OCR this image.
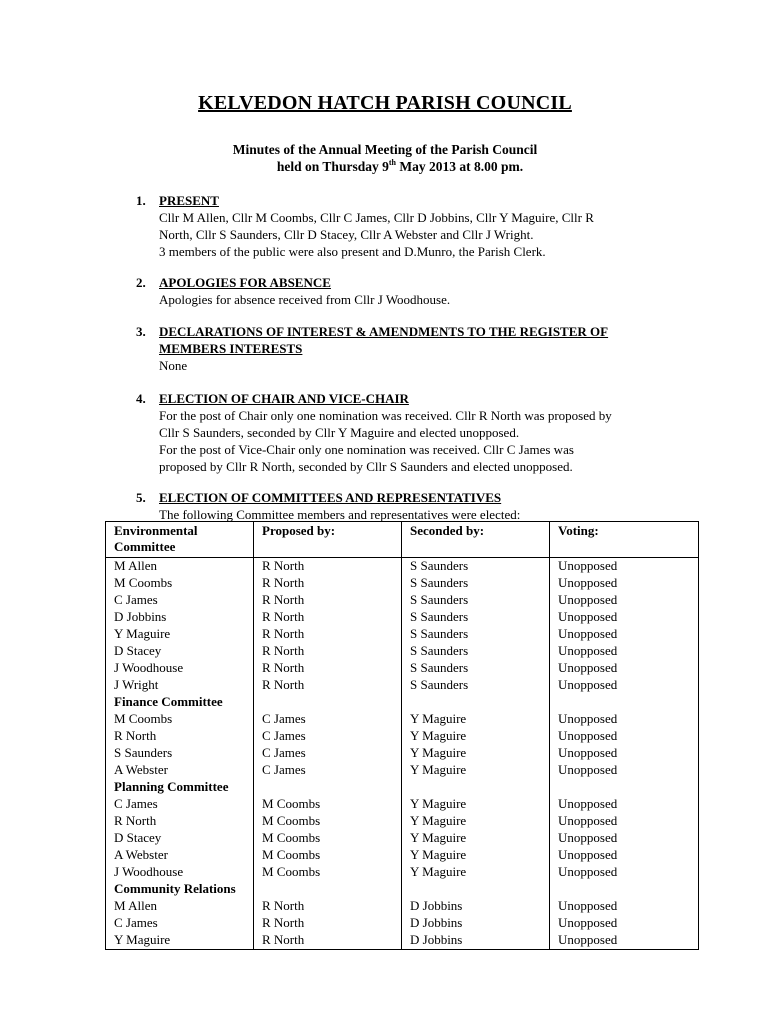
KELVEDON HATCH PARISH COUNCIL
Minutes of the Annual Meeting of the Parish Council
held on Thursday 9th May 2013 at 8.00 pm.
1. PRESENT
Cllr M Allen, Cllr M Coombs, Cllr C James, Cllr D Jobbins, Cllr Y Maguire, Cllr R
North, Cllr S Saunders, Cllr D Stacey, Cllr A Webster and Cllr J Wright.
3 members of the public were also present and D.Munro, the Parish Clerk.
2. APOLOGIES FOR ABSENCE
Apologies for absence received from Cllr J Woodhouse.
3. DECLARATIONS OF INTEREST & AMENDMENTS TO THE REGISTER OF MEMBERS INTERESTS
None
4. ELECTION OF CHAIR AND VICE-CHAIR
For the post of Chair only one nomination was received. Cllr R North was proposed by
Cllr S Saunders, seconded by Cllr Y Maguire and elected unopposed.
For the post of Vice-Chair only one nomination was received. Cllr C James was
proposed by Cllr R North, seconded by Cllr S Saunders and elected unopposed.
5. ELECTION OF COMMITTEES AND REPRESENTATIVES
The following Committee members and representatives were elected:
Environmental Committee	Proposed by:	Seconded by:	Voting:
M Allen	R North	S Saunders	Unopposed
M Coombs	R North	S Saunders	Unopposed
C James	R North	S Saunders	Unopposed
D Jobbins	R North	S Saunders	Unopposed
Y Maguire	R North	S Saunders	Unopposed
D Stacey	R North	S Saunders	Unopposed
J Woodhouse	R North	S Saunders	Unopposed
J Wright	R North	S Saunders	Unopposed
Finance Committee			
M Coombs	C James	Y Maguire	Unopposed
R North	C James	Y Maguire	Unopposed
S Saunders	C James	Y Maguire	Unopposed
A Webster	C James	Y Maguire	Unopposed
Planning Committee			
C James	M Coombs	Y Maguire	Unopposed
R North	M Coombs	Y Maguire	Unopposed
D Stacey	M Coombs	Y Maguire	Unopposed
A Webster	M Coombs	Y Maguire	Unopposed
J Woodhouse	M Coombs	Y Maguire	Unopposed
Community Relations			
M Allen	R North	D Jobbins	Unopposed
C James	R North	D Jobbins	Unopposed
Y Maguire	R North	D Jobbins	Unopposed
